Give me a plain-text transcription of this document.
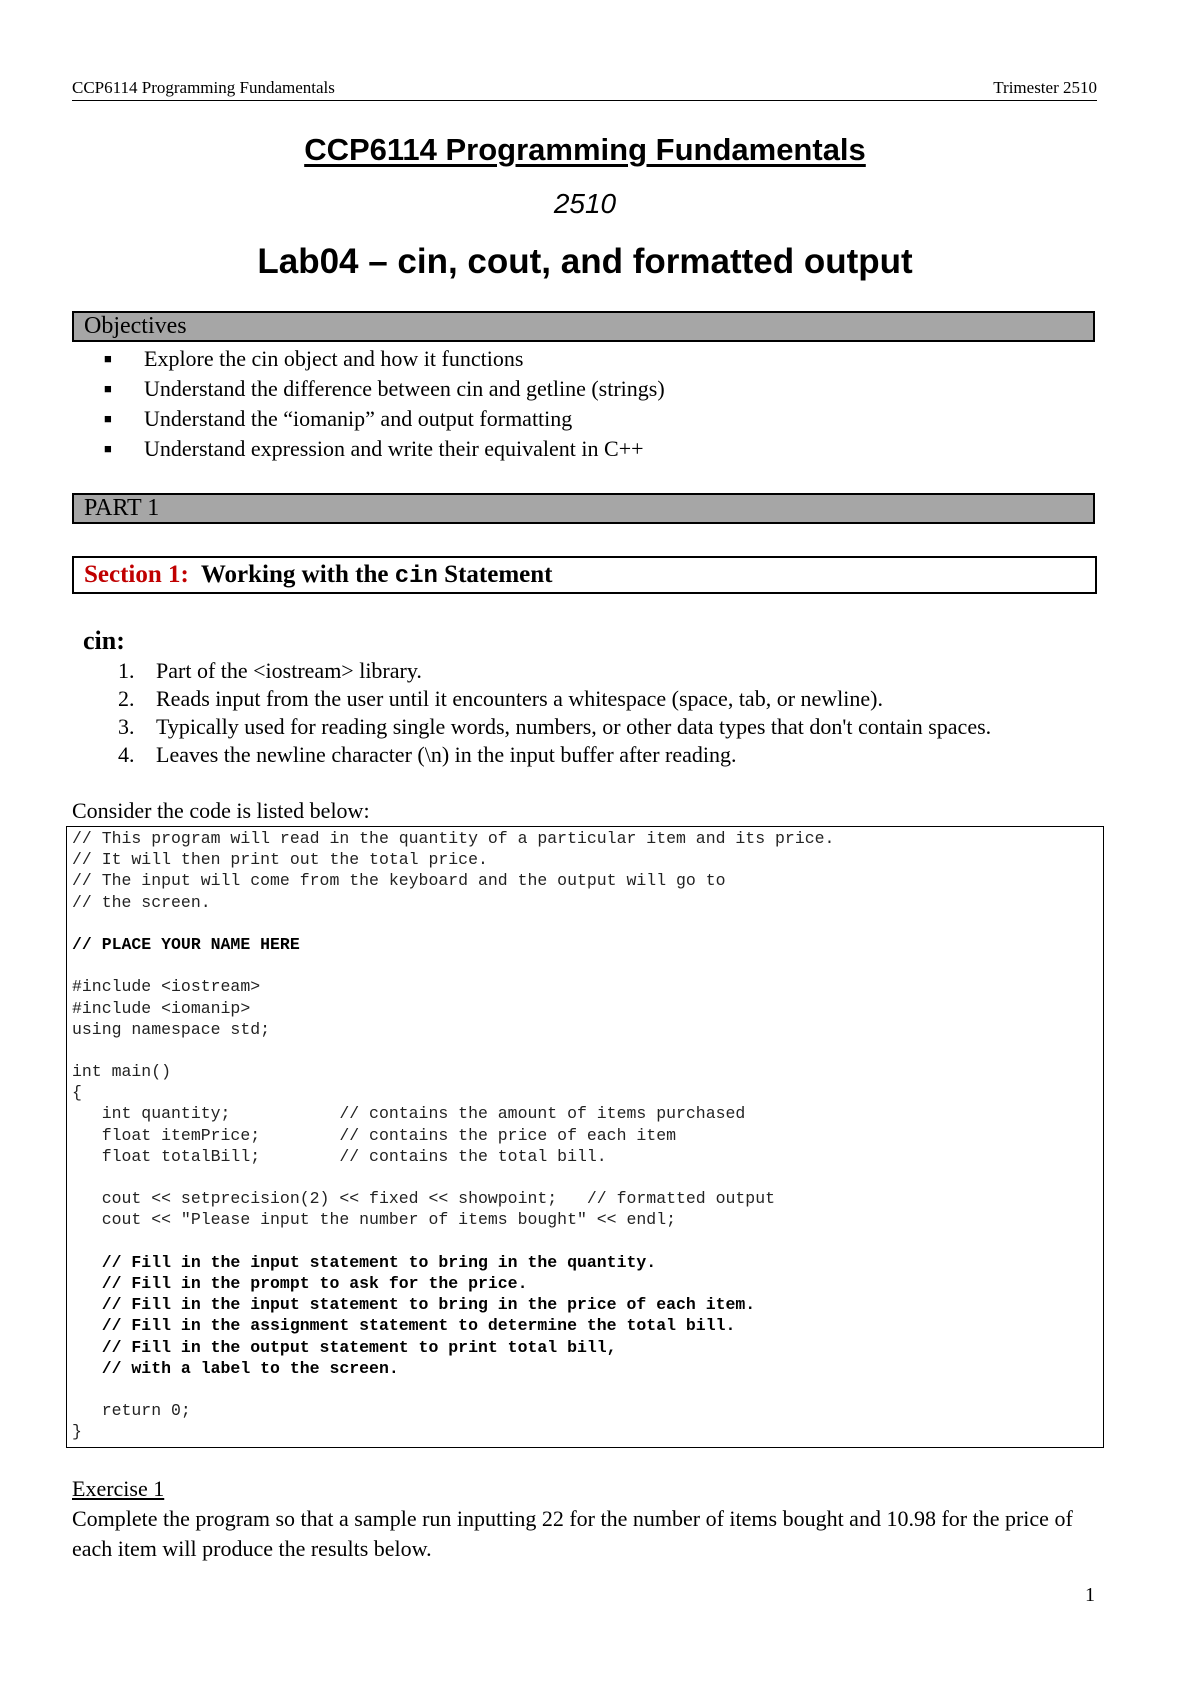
CCP6114 Programming Fundamentals	Trimester 2510
CCP6114 Programming Fundamentals
2510
Lab04 – cin, cout, and formatted output
Objectives
■	Explore the cin object and how it functions
■	Understand the difference between cin and getline (strings)
■	Understand the “iomanip” and output formatting
■	Understand expression and write their equivalent in C++
PART 1
Section 1: Working with the cin Statement
cin:
1. Part of the <iostream> library.
2. Reads input from the user until it encounters a whitespace (space, tab, or newline).
3. Typically used for reading single words, numbers, or other data types that don't contain spaces.
4. Leaves the newline character (\n) in the input buffer after reading.
Consider the code is listed below:
// This program will read in the quantity of a particular item and its price.
// It will then print out the total price.
// The input will come from the keyboard and the output will go to
// the screen.
// PLACE YOUR NAME HERE
#include <iostream>
#include <iomanip>
using namespace std;
int main()
{
int quantity;           // contains the amount of items purchased
float itemPrice;        // contains the price of each item
float totalBill;        // contains the total bill.
cout << setprecision(2) << fixed << showpoint;   // formatted output
cout << "Please input the number of items bought" << endl;
// Fill in the input statement to bring in the quantity.
// Fill in the prompt to ask for the price.
// Fill in the input statement to bring in the price of each item.
// Fill in the assignment statement to determine the total bill.
// Fill in the output statement to print total bill,
// with a label to the screen.
return 0;
}
Exercise 1
Complete the program so that a sample run inputting 22 for the number of items bought and 10.98 for the price of each item will produce the results below.
1
